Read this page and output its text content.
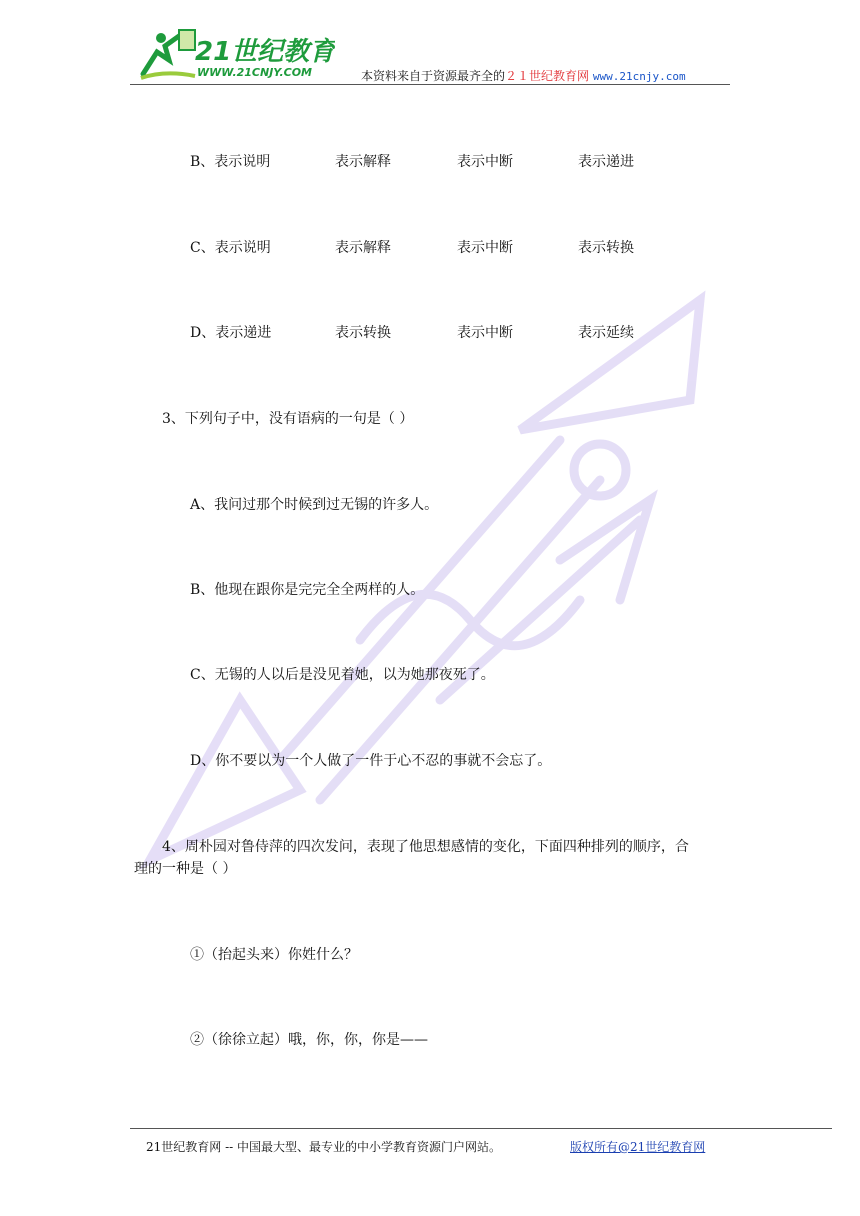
21世纪教育
WWW.21CNJY.COM	本资料来自于资源最齐全的２１世纪教育网 www.21cnjy.com
B、表示说明	表示解释	表示中断	表示递进
C、表示说明	表示解释	表示中断	表示转换
D、表示递进	表示转换	表示中断	表示延续
3、下列句子中，没有语病的一句是（ ）
A、我问过那个时候到过无锡的许多人。
B、他现在跟你是完完全全两样的人。
C、无锡的人以后是没见着她，以为她那夜死了。
D、你不要以为一个人做了一件于心不忍的事就不会忘了。
4、周朴园对鲁侍萍的四次发问，表现了他思想感情的变化，下面四种排列的顺序，合
理的一种是（ ）
①（抬起头来）你姓什么？
②（徐徐立起）哦，你，你，你是——
21世纪教育网 -- 中国最大型、最专业的中小学教育资源门户网站。	版权所有@21世纪教育网
